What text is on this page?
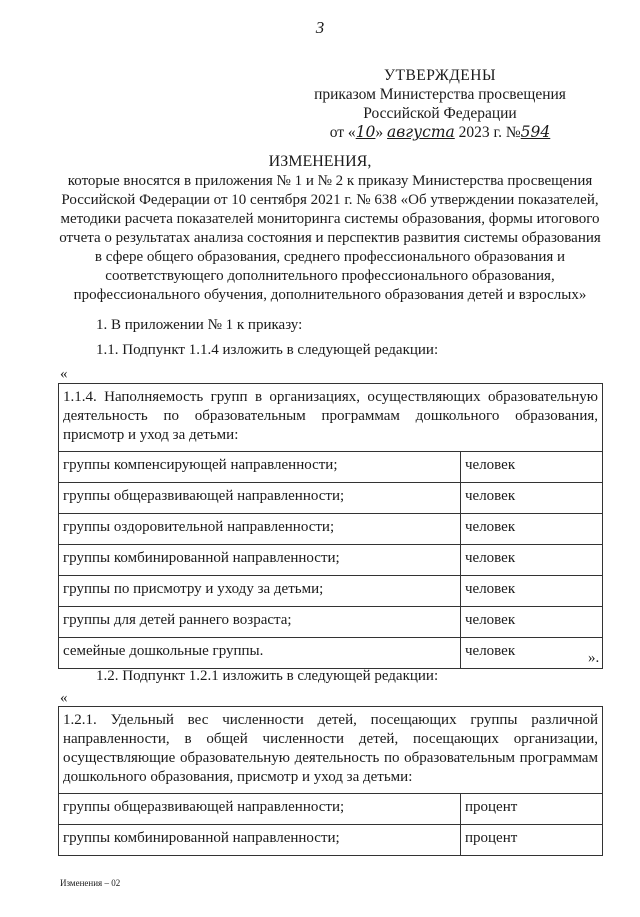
3
УТВЕРЖДЕНЫ
приказом Министерства просвещения
Российской Федерации
от «10» августа 2023 г. №594
ИЗМЕНЕНИЯ,
которые вносятся в приложения № 1 и № 2 к приказу Министерства просвещения Российской Федерации от 10 сентября 2021 г. № 638 «Об утверждении показателей, методики расчета показателей мониторинга системы образования, формы итогового отчета о результатах анализа состояния и перспектив развития системы образования в сфере общего образования, среднего профессионального образования и соответствующего дополнительного профессионального образования, профессионального обучения, дополнительного образования детей и взрослых»
1. В приложении № 1 к приказу:
1.1. Подпункт 1.1.4 изложить в следующей редакции:
«
1.1.4. Наполняемость групп в организациях, осуществляющих образовательную деятельность по образовательным программам дошкольного образования, присмотр и уход за детьми:	
группы компенсирующей направленности;	человек
группы общеразвивающей направленности;	человек
группы оздоровительной направленности;	человек
группы комбинированной направленности;	человек
группы по присмотру и уходу за детьми;	человек
группы для детей раннего возраста;	человек
семейные дошкольные группы.	человек	».
1.2. Подпункт 1.2.1 изложить в следующей редакции:
«
1.2.1. Удельный вес численности детей, посещающих группы различной направленности, в общей численности детей, посещающих организации, осуществляющие образовательную деятельность по образовательным программам дошкольного образования, присмотр и уход за детьми:	
группы общеразвивающей направленности;	процент
группы комбинированной направленности;	процент
Изменения – 02
